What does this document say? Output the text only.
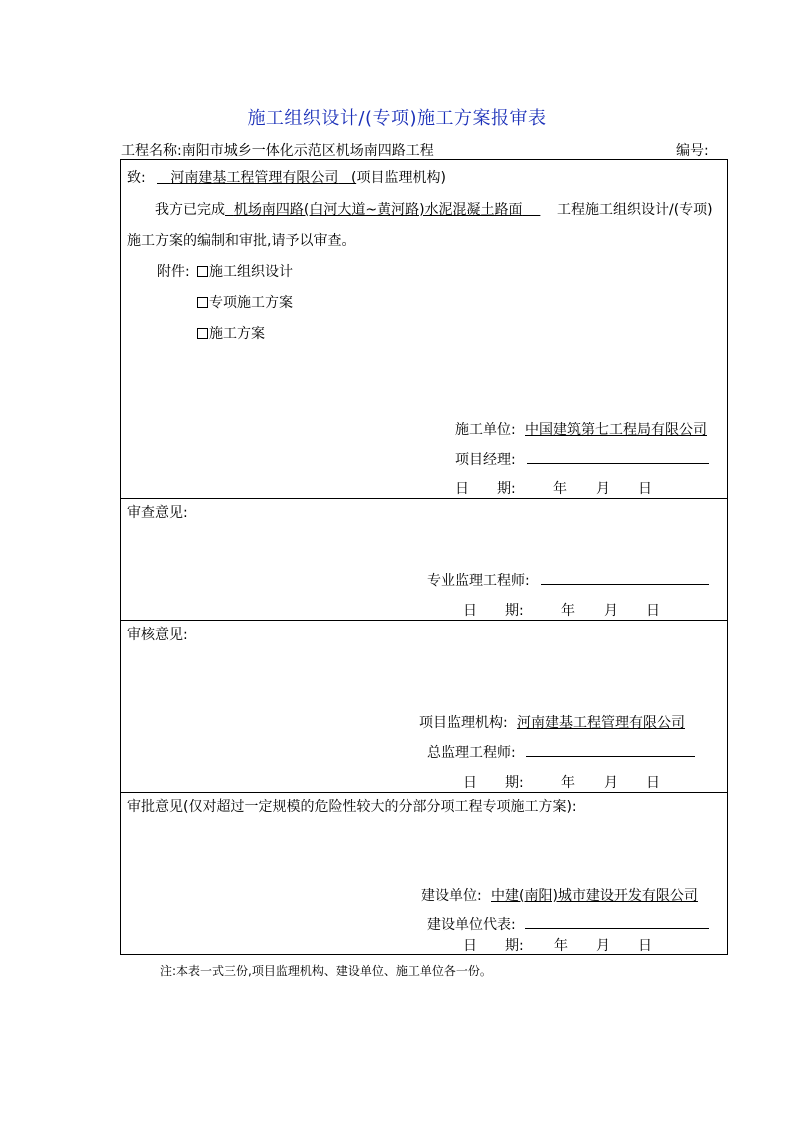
施工组织设计/(专项)施工方案报审表
工程名称:南阳市城乡一体化示范区机场南四路工程	编号:
致:	河南建基工程管理有限公司 (项目监理机构)
我方已完成 机场南四路(白河大道~黄河路)水泥混凝土路面	工程施工组织设计/(专项)
施工方案的编制和审批,请予以审查。
附件:	施工组织设计
专项施工方案
施工方案
施工单位: 中国建筑第七工程局有限公司
项目经理:
日　　期:	年 月 日
审查意见:
专业监理工程师:
日　　期:	年 月 日
审核意见:
项目监理机构: 河南建基工程管理有限公司
总监理工程师:
日　　期:	年 月 日
审批意见(仅对超过一定规模的危险性较大的分部分项工程专项施工方案):
建设单位: 中建(南阳)城市建设开发有限公司
建设单位代表:
日　　期: 年 月 日
注:本表一式三份,项目监理机构、建设单位、施工单位各一份。
